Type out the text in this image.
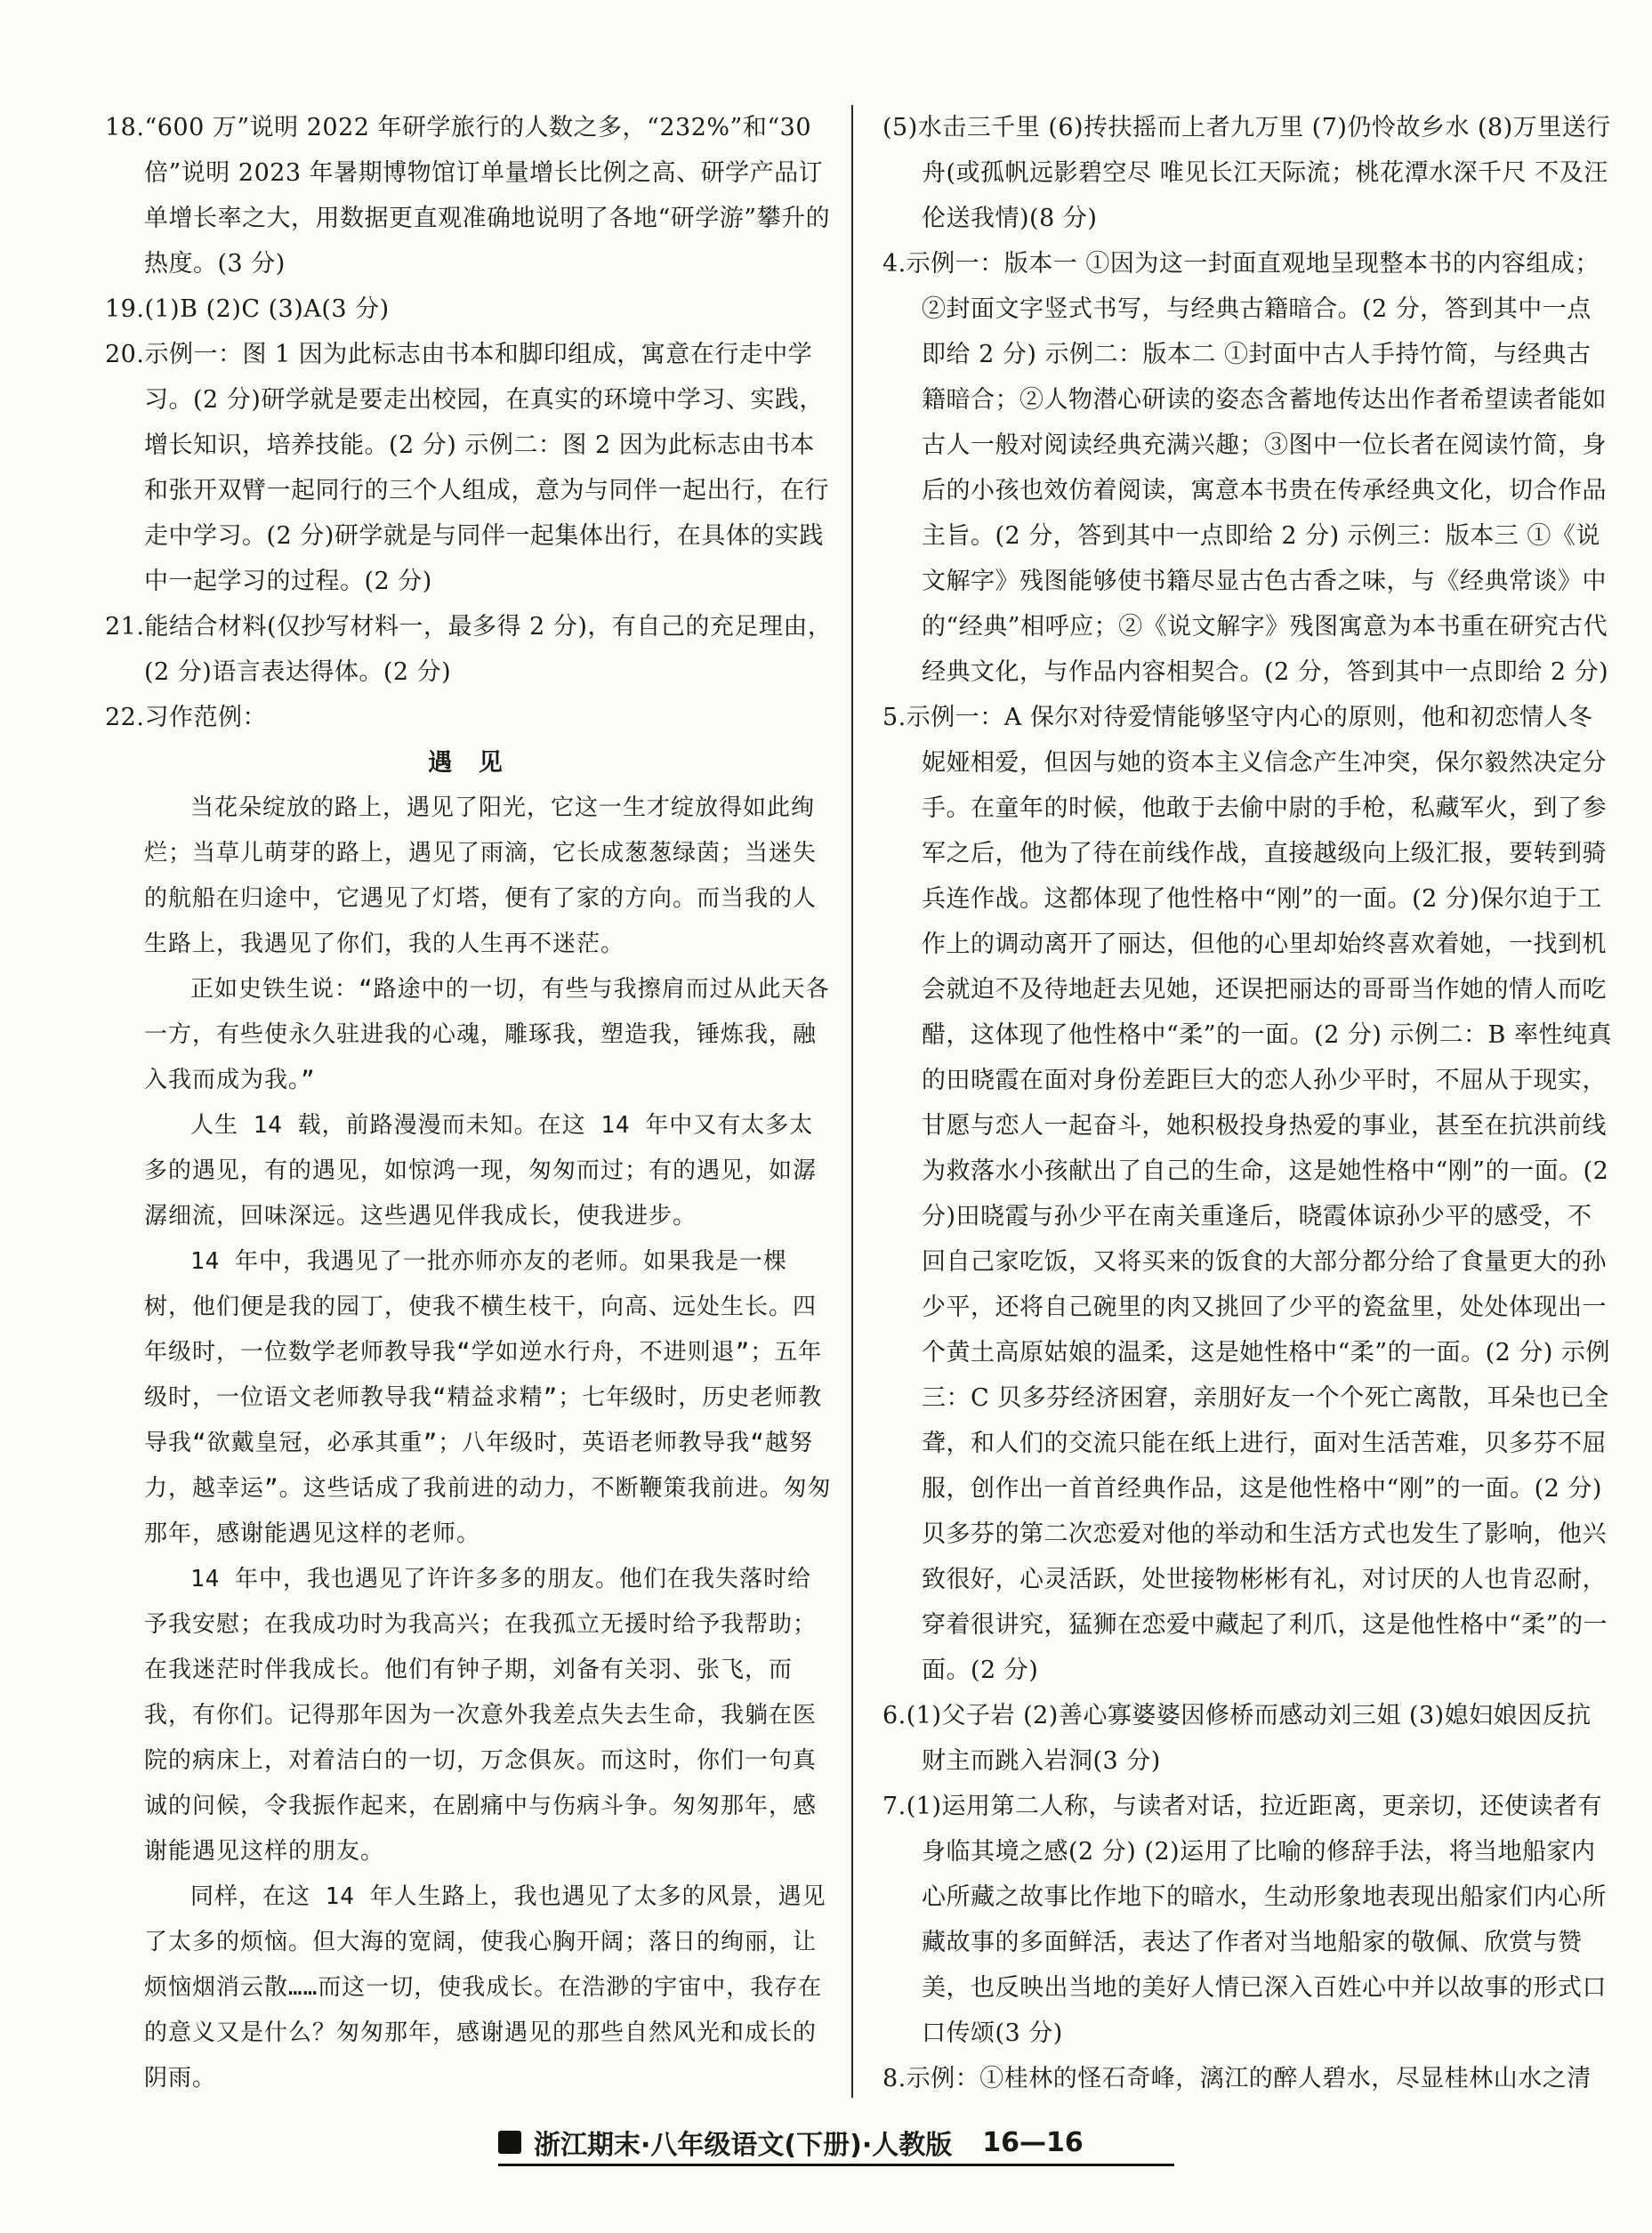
18.“600 万”说明 2022 年研学旅行的人数之多，“232%”和“30 倍”说明 2023 年暑期博物馆订单量增长比例之高、研学产品订单增长率之大，用数据更直观准确地说明了各地“研学游”攀升的热度。(3 分)

19.(1)B (2)C (3)A(3 分)

20.示例一：图 1 因为此标志由书本和脚印组成，寓意在行走中学习。(2 分)研学就是要走出校园，在真实的环境中学习、实践，增长知识，培养技能。(2 分) 示例二：图 2 因为此标志由书本和张开双臂一起同行的三个人组成，意为与同伴一起出行，在行走中学习。(2 分)研学就是与同伴一起集体出行，在具体的实践中一起学习的过程。(2 分)

21.能结合材料(仅抄写材料一，最多得 2 分)，有自己的充足理由，(2 分)语言表达得体。(2 分)

22.习作范例：

遇 见

当花朵绽放的路上，遇见了阳光，它这一生才绽放得如此绚烂；当草儿萌芽的路上，遇见了雨滴，它长成葱葱绿茵；当迷失的航船在归途中，它遇见了灯塔，便有了家的方向。而当我的人生路上，我遇见了你们，我的人生再不迷茫。

正如史铁生说：“路途中的一切，有些与我擦肩而过从此天各一方，有些使永久驻进我的心魂，雕琢我，塑造我，锤炼我，融入我而成为我。”

人生 14 载，前路漫漫而未知。在这 14 年中又有太多太多的遇见，有的遇见，如惊鸿一现，匆匆而过；有的遇见，如潺潺细流，回味深远。这些遇见伴我成长，使我进步。

14 年中，我遇见了一批亦师亦友的老师。如果我是一棵树，他们便是我的园丁，使我不横生枝干，向高、远处生长。四年级时，一位数学老师教导我“学如逆水行舟，不进则退”；五年级时，一位语文老师教导我“精益求精”；七年级时，历史老师教导我“欲戴皇冠，必承其重”；八年级时，英语老师教导我“越努力，越幸运”。这些话成了我前进的动力，不断鞭策我前进。匆匆那年，感谢能遇见这样的老师。

14 年中，我也遇见了许许多多的朋友。他们在我失落时给予我安慰；在我成功时为我高兴；在我孤立无援时给予我帮助；在我迷茫时伴我成长。他们有钟子期，刘备有关羽、张飞，而我，有你们。记得那年因为一次意外我差点失去生命，我躺在医院的病床上，对着洁白的一切，万念俱灰。而这时，你们一句真诚的问候，令我振作起来，在剧痛中与伤病斗争。匆匆那年，感谢能遇见这样的朋友。

同样，在这 14 年人生路上，我也遇见了太多的风景，遇见了太多的烦恼。但大海的宽阔，使我心胸开阔；落日的绚丽，让烦恼烟消云散……而这一切，使我成长。在浩渺的宇宙中，我存在的意义又是什么？匆匆那年，感谢遇见的那些自然风光和成长的阴雨。

(5)水击三千里 (6)抟扶摇而上者九万里 (7)仍怜故乡水 (8)万里送行舟(或孤帆远影碧空尽 唯见长江天际流；桃花潭水深千尺 不及汪伦送我情)(8 分)

4.示例一：版本一 ①因为这一封面直观地呈现整本书的内容组成；②封面文字竖式书写，与经典古籍暗合。(2 分，答到其中一点即给 2 分) 示例二：版本二 ①封面中古人手持竹简，与经典古籍暗合；②人物潜心研读的姿态含蓄地传达出作者希望读者能如古人一般对阅读经典充满兴趣；③图中一位长者在阅读竹简，身后的小孩也效仿着阅读，寓意本书贵在传承经典文化，切合作品主旨。(2 分，答到其中一点即给 2 分) 示例三：版本三 ①《说文解字》残图能够使书籍尽显古色古香之味，与《经典常谈》中的“经典”相呼应；②《说文解字》残图寓意为本书重在研究古代经典文化，与作品内容相契合。(2 分，答到其中一点即给 2 分)

5.示例一：A 保尔对待爱情能够坚守内心的原则，他和初恋情人冬妮娅相爱，但因与她的资本主义信念产生冲突，保尔毅然决定分手。在童年的时候，他敢于去偷中尉的手枪，私藏军火，到了参军之后，他为了待在前线作战，直接越级向上级汇报，要转到骑兵连作战。这都体现了他性格中“刚”的一面。(2 分)保尔迫于工作上的调动离开了丽达，但他的心里却始终喜欢着她，一找到机会就迫不及待地赶去见她，还误把丽达的哥哥当作她的情人而吃醋，这体现了他性格中“柔”的一面。(2 分) 示例二：B 率性纯真的田晓霞在面对身份差距巨大的恋人孙少平时，不屈从于现实，甘愿与恋人一起奋斗，她积极投身热爱的事业，甚至在抗洪前线为救落水小孩献出了自己的生命，这是她性格中“刚”的一面。(2 分)田晓霞与孙少平在南关重逢后，晓霞体谅孙少平的感受，不回自己家吃饭，又将买来的饭食的大部分都分给了食量更大的孙少平，还将自己碗里的肉又挑回了少平的瓷盆里，处处体现出一个黄土高原姑娘的温柔，这是她性格中“柔”的一面。(2 分) 示例三：C 贝多芬经济困窘，亲朋好友一个个死亡离散，耳朵也已全聋，和人们的交流只能在纸上进行，面对生活苦难，贝多芬不屈服，创作出一首首经典作品，这是他性格中“刚”的一面。(2 分)贝多芬的第二次恋爱对他的举动和生活方式也发生了影响，他兴致很好，心灵活跃，处世接物彬彬有礼，对讨厌的人也肯忍耐，穿着很讲究，猛狮在恋爱中藏起了利爪，这是他性格中“柔”的一面。(2 分)

6.(1)父子岩 (2)善心寡婆婆因修桥而感动刘三姐 (3)媳妇娘因反抗财主而跳入岩洞(3 分)

7.(1)运用第二人称，与读者对话，拉近距离，更亲切，还使读者有身临其境之感(2 分) (2)运用了比喻的修辞手法，将当地船家内心所藏之故事比作地下的暗水，生动形象地表现出船家们内心所藏故事的多面鲜活，表达了作者对当地船家的敬佩、欣赏与赞美，也反映出当地的美好人情已深入百姓心中并以故事的形式口口传颂(3 分)

8.示例：①桂林的怪石奇峰，漓江的醉人碧水，尽显桂林山水之清

浙江期末·八年级语文(下册)·人教版 16—16
